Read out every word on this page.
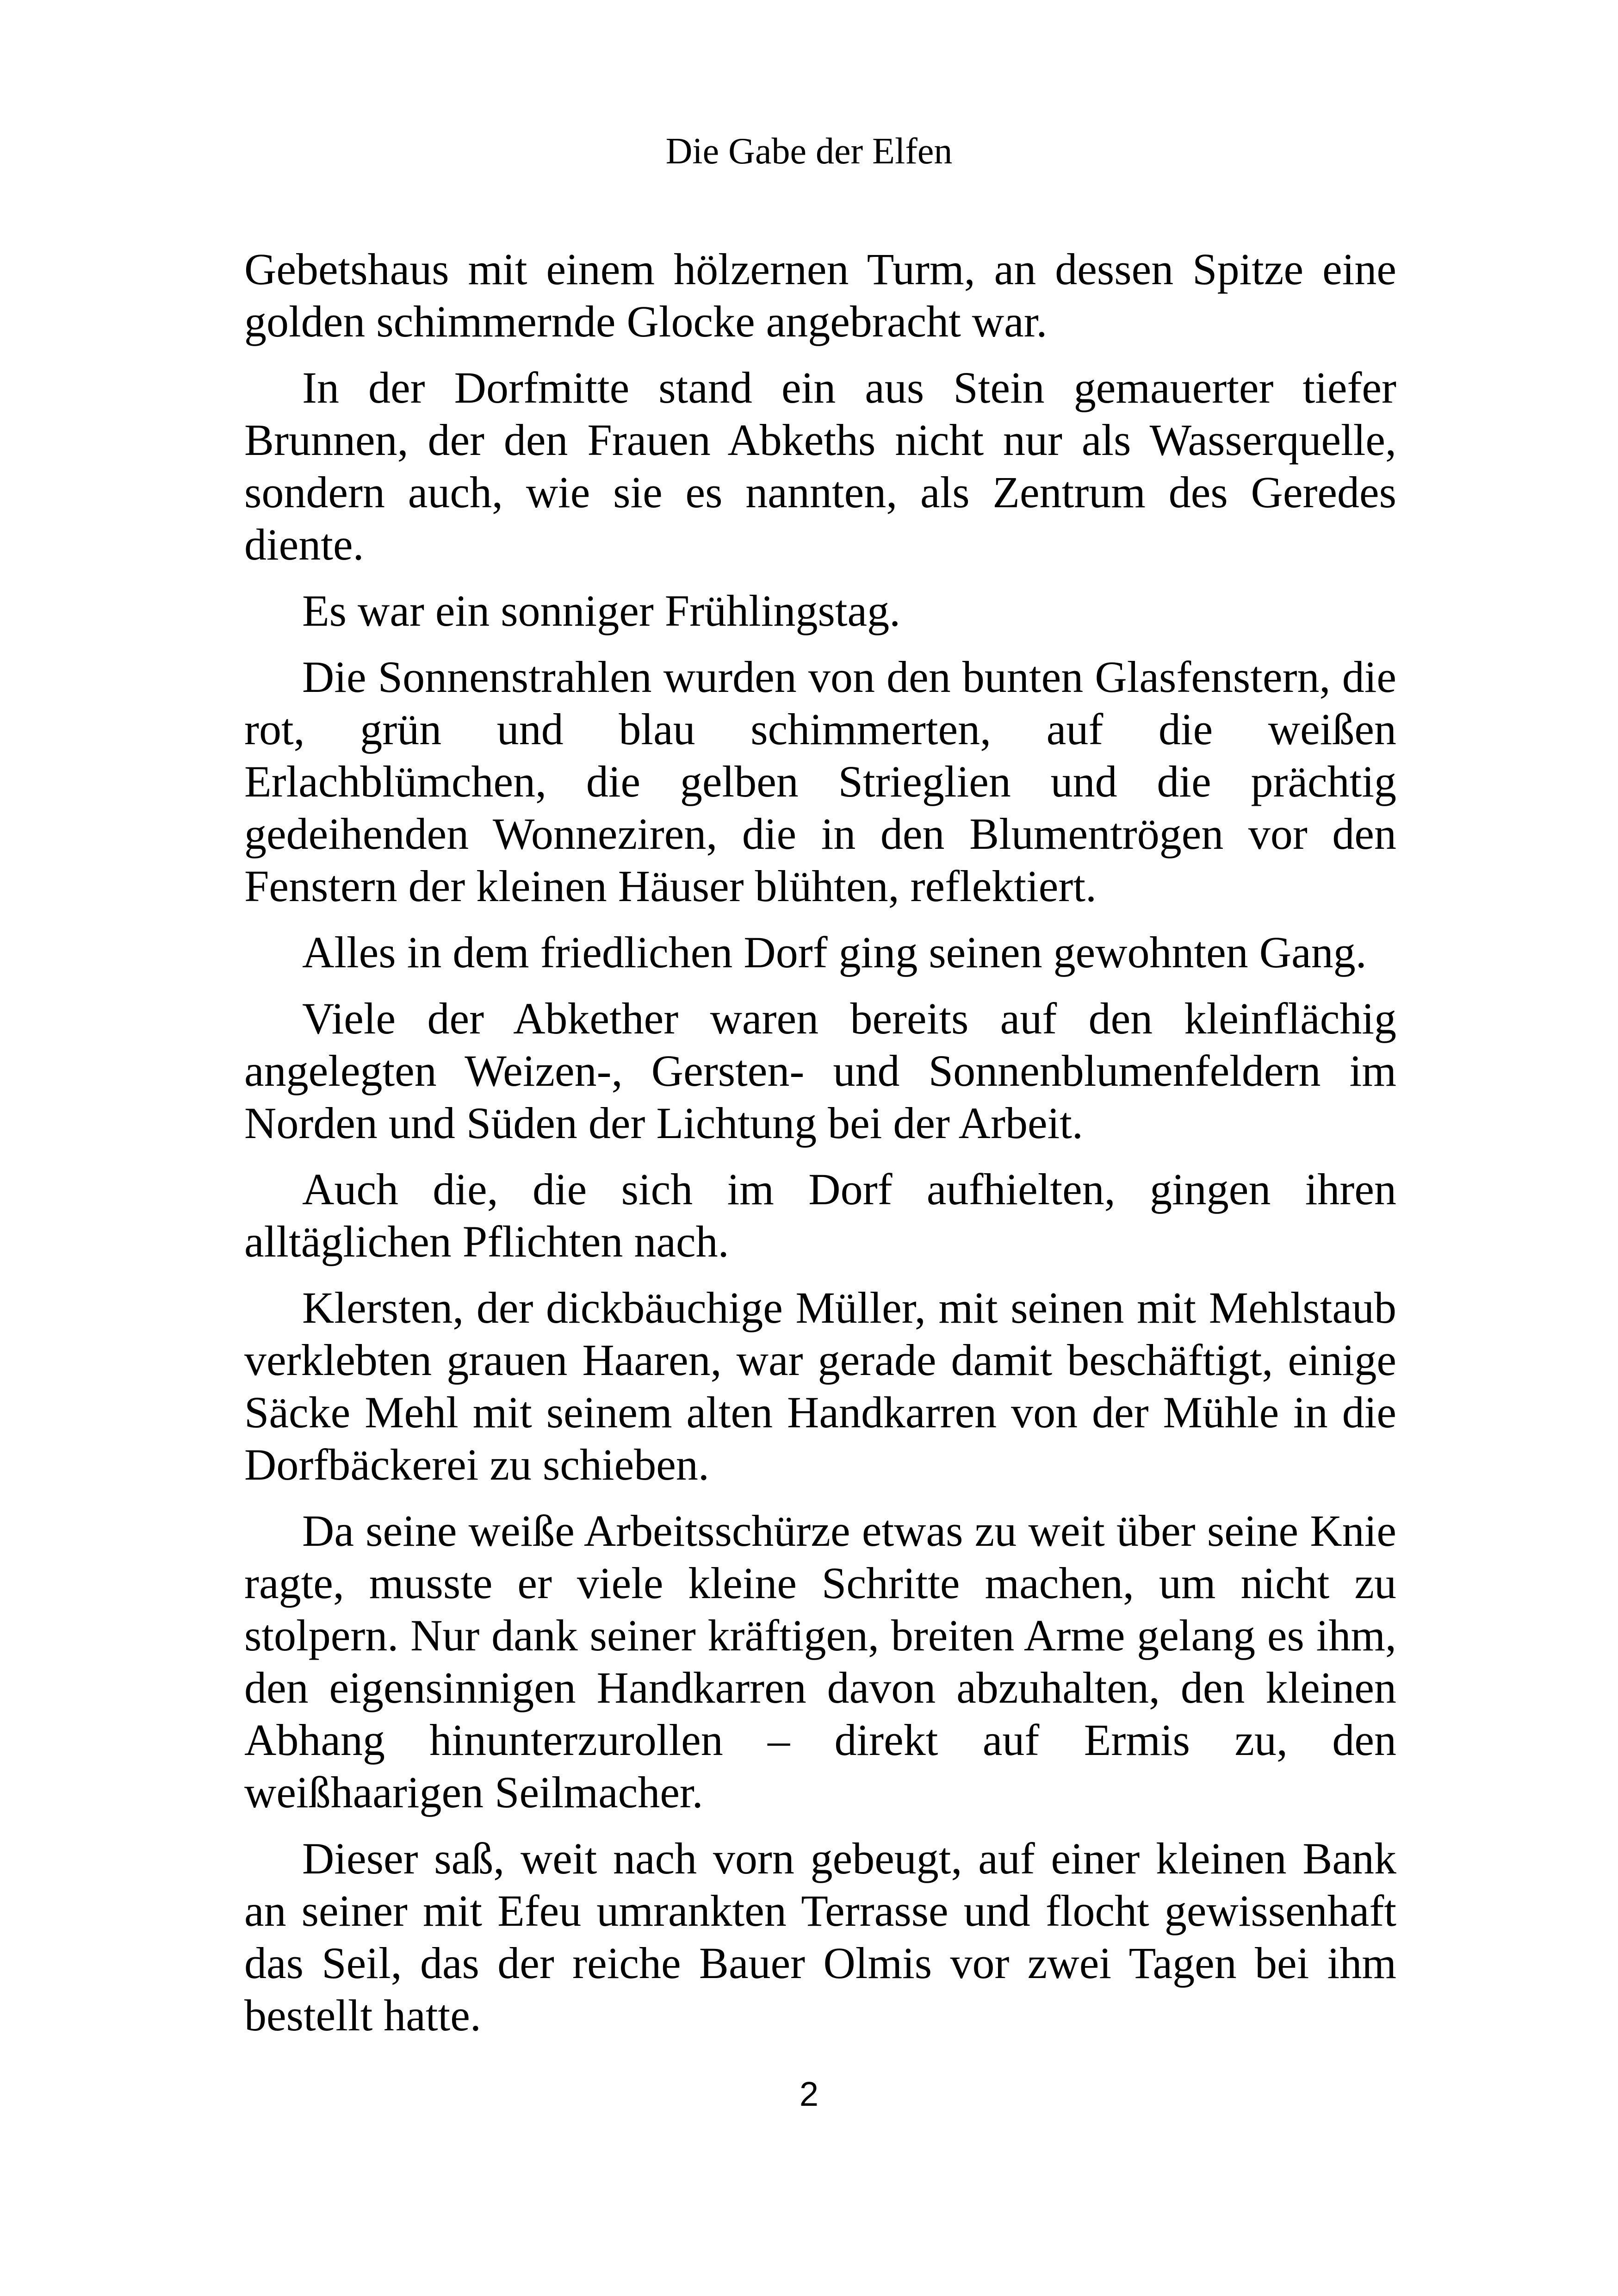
Die Gabe der Elfen

Gebetshaus mit einem hölzernen Turm, an dessen Spitze eine golden schimmernde Glocke angebracht war.

In der Dorfmitte stand ein aus Stein gemauerter tiefer Brunnen, der den Frauen Abkeths nicht nur als Wasserquelle, sondern auch, wie sie es nannten, als Zentrum des Geredes diente.

Es war ein sonniger Frühlingstag.

Die Sonnenstrahlen wurden von den bunten Glasfenstern, die rot, grün und blau schimmerten, auf die weißen Erlachblümchen, die gelben Strieglien und die prächtig gedeihenden Wonneziren, die in den Blumentrögen vor den Fenstern der kleinen Häuser blühten, reflektiert.

Alles in dem friedlichen Dorf ging seinen gewohnten Gang.

Viele der Abkether waren bereits auf den kleinflächig angelegten Weizen-, Gersten- und Sonnenblumenfeldern im Norden und Süden der Lichtung bei der Arbeit.

Auch die, die sich im Dorf aufhielten, gingen ihren alltäglichen Pflichten nach.

Klersten, der dickbäuchige Müller, mit seinen mit Mehlstaub verklebten grauen Haaren, war gerade damit beschäftigt, einige Säcke Mehl mit seinem alten Handkarren von der Mühle in die Dorfbäckerei zu schieben.

Da seine weiße Arbeitsschürze etwas zu weit über seine Knie ragte, musste er viele kleine Schritte machen, um nicht zu stolpern. Nur dank seiner kräftigen, breiten Arme gelang es ihm, den eigensinnigen Handkarren davon abzuhalten, den kleinen Abhang hinunterzurollen – direkt auf Ermis zu, den weißhaarigen Seilmacher.

Dieser saß, weit nach vorn gebeugt, auf einer kleinen Bank an seiner mit Efeu umrankten Terrasse und flocht gewissenhaft das Seil, das der reiche Bauer Olmis vor zwei Tagen bei ihm bestellt hatte.

2
